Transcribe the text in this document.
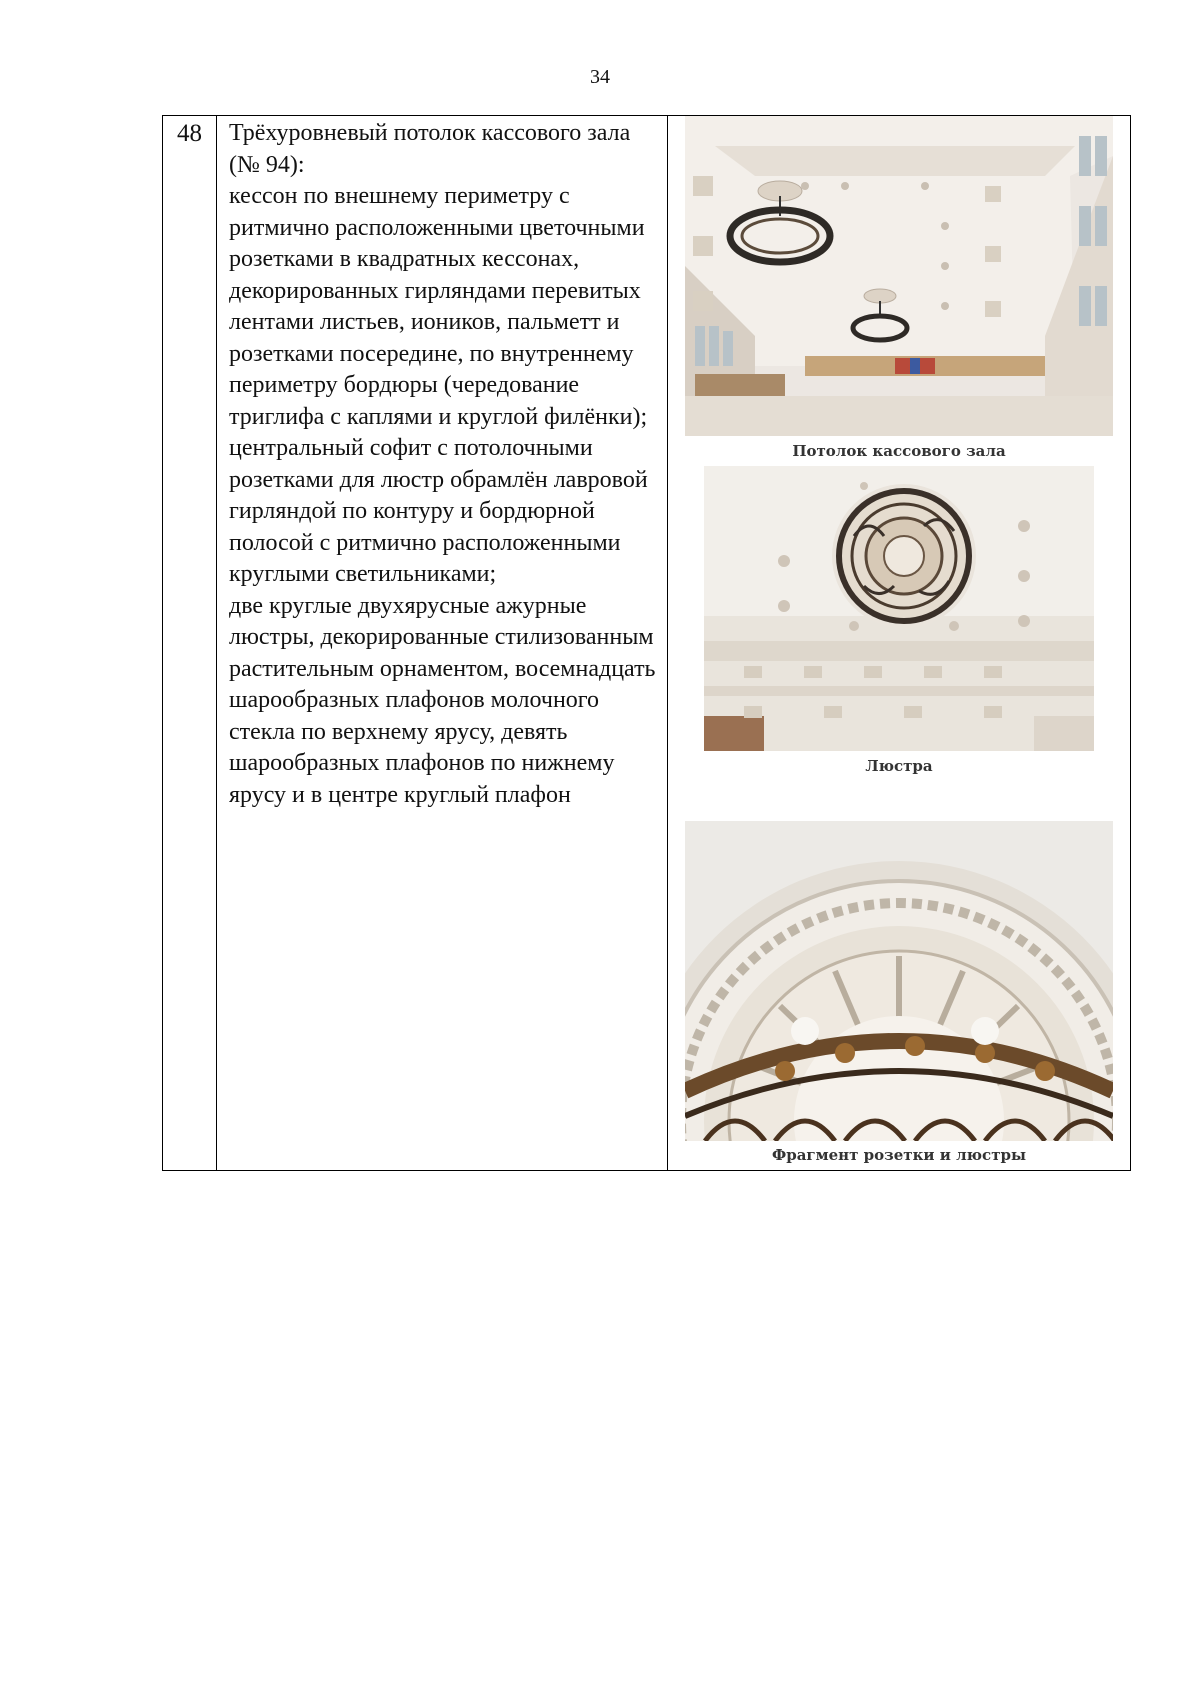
34
48	Трёхуровневый потолок кассового зала (№ 94):

кессон по внешнему периметру с ритмично расположенными цветочными розетками в квадратных кессонах, декорированных гирляндами перевитых лентами листьев, иоников, пальметт и розетками посередине, по внутреннему периметру бордюры (чередование триглифа с каплями и круглой филёнки);

центральный софит с потолочными

розетками для люстр обрамлён лавровой гирляндой по контуру и бордюрной полосой с ритмично расположенными круглыми светильниками;

две круглые двухярусные ажурные

люстры, декорированные стилизованным растительным орнаментом, восемнадцать шарообразных плафонов молочного стекла по верхнему ярусу, девять шарообразных плафонов по нижнему ярусу и в центре круглый плафон

Потолок кассового зала
Люстра
Фрагмент розетки и люстры
